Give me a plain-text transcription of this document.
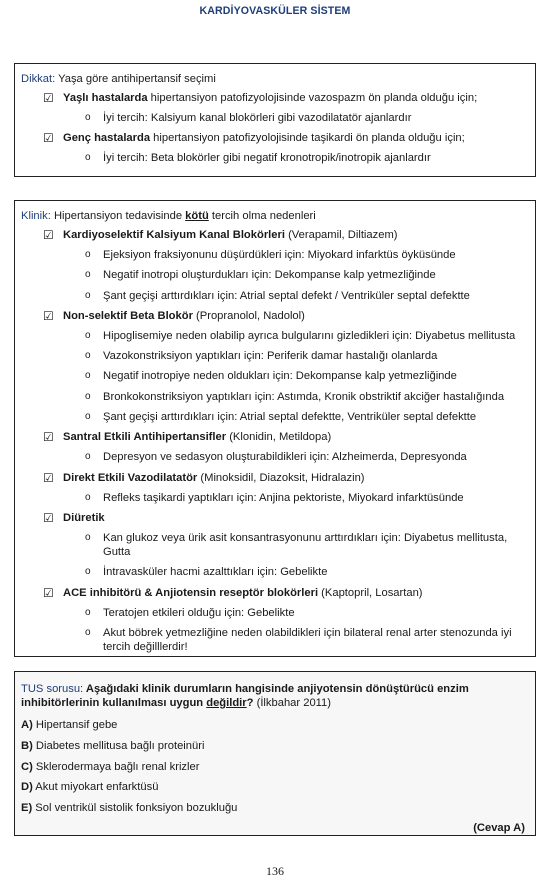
KARDİYOVASKÜLER SİSTEM
Dikkat: Yaşa göre antihipertansif seçimi
☑ Yaşlı hastalarda hipertansiyon patofizyolojisinde vazospazm ön planda olduğu için;
o İyi tercih: Kalsiyum kanal blokörleri gibi vazodilatatör ajanlardır
☑ Genç hastalarda hipertansiyon patofizyolojisinde taşikardi ön planda olduğu için;
o İyi tercih: Beta blokörler gibi negatif kronotropik/inotropik ajanlardır
Klinik: Hipertansiyon tedavisinde kötü tercih olma nedenleri
☑ Kardiyoselektif Kalsiyum Kanal Blokörleri (Verapamil, Diltiazem)
o Ejeksiyon fraksiyonunu düşürdükleri için: Miyokard infarktüs öyküsünde
o Negatif inotropi oluşturdukları için: Dekompanse kalp yetmezliğinde
o Şant geçişi arttırdıkları için: Atrial septal defekt / Ventriküler septal defektte
☑ Non-selektif Beta Blokör (Propranolol, Nadolol)
o Hipoglisemiye neden olabilip ayrıca bulgularını gizledikleri için: Diyabetus mellitusta
o Vazokonstriksiyon yaptıkları için: Periferik damar hastalığı olanlarda
o Negatif inotropiye neden oldukları için: Dekompanse kalp yetmezliğinde
o Bronkokonstriksiyon yaptıkları için: Astımda, Kronik obstriktif akciğer hastalığında
o Şant geçişi arttırdıkları için: Atrial septal defektte, Ventriküler septal defektte
☑ Santral Etkili Antihipertansifler (Klonidin, Metildopa)
o Depresyon ve sedasyon oluşturabildikleri için: Alzheimerda, Depresyonda
☑ Direkt Etkili Vazodilatatör (Minoksidil, Diazoksit, Hidralazin)
o Refleks taşikardi yaptıkları için: Anjina pektoriste, Miyokard infarktüsünde
☑ Diüretik
o Kan glukoz veya ürik asit konsantrasyonunu arttırdıkları için: Diyabetus mellitusta, Gutta
o İntravasküler hacmi azalttıkları için: Gebelikte
☑ ACE inhibitörü & Anjiotensin reseptör blokörleri (Kaptopril, Losartan)
o Teratojen etkileri olduğu için: Gebelikte
o Akut böbrek yetmezliğine neden olabildikleri için bilateral renal arter stenozunda iyi tercih değilllerdir!
TUS sorusu: Aşağıdaki klinik durumların hangisinde anjiyotensin dönüştürücü enzim inhibitörlerinin kullanılması uygun değildir? (İlkbahar 2011)
A) Hipertansif gebe
B) Diabetes mellitusa bağlı proteinüri
C) Sklerodermaya bağlı renal krizler
D) Akut miyokart enfarktüsü
E) Sol ventrikül sistolik fonksiyon bozukluğu
(Cevap A)
136
